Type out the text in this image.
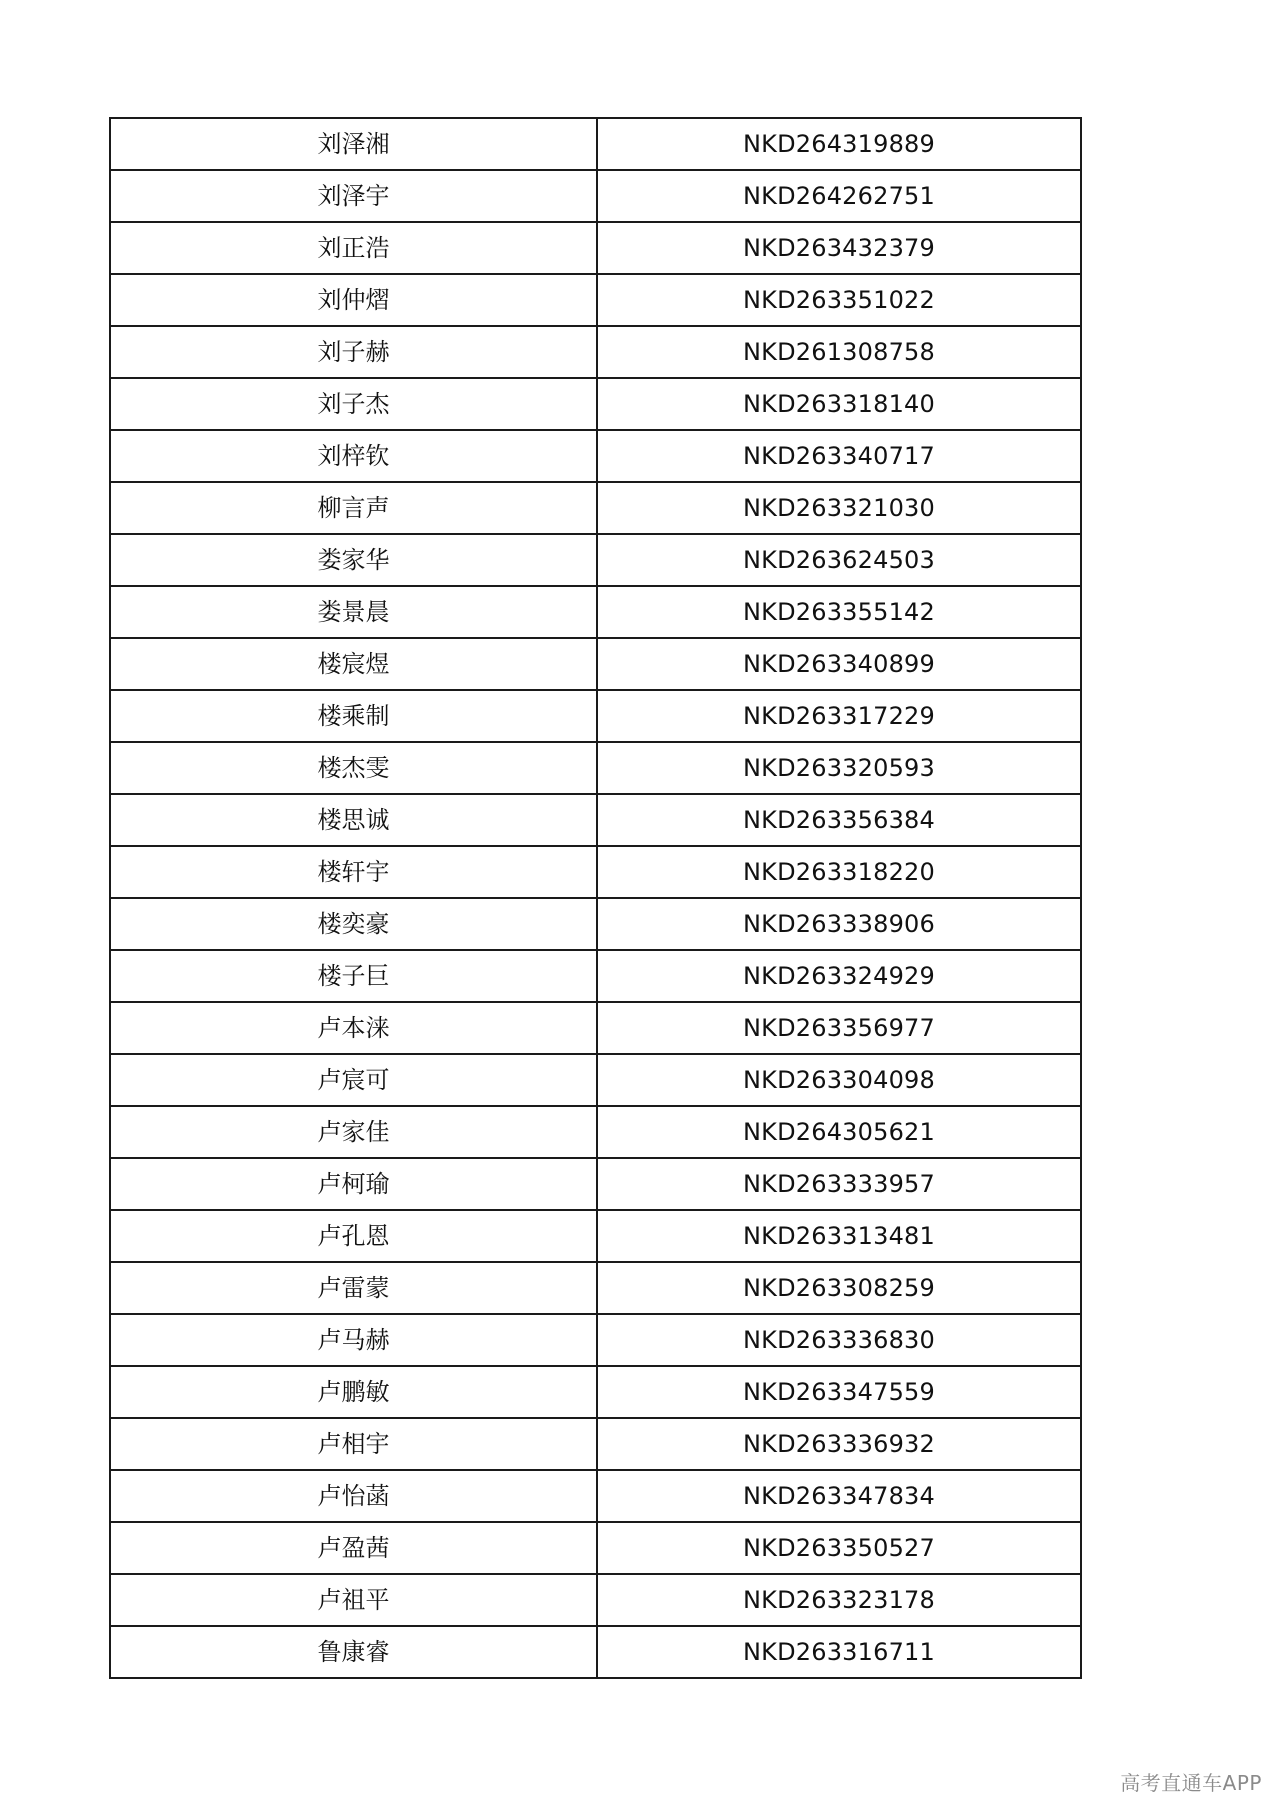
刘泽湘	NKD264319889
刘泽宇	NKD264262751
刘正浩	NKD263432379
刘仲熠	NKD263351022
刘子赫	NKD261308758
刘子杰	NKD263318140
刘梓钦	NKD263340717
柳言声	NKD263321030
娄家华	NKD263624503
娄景晨	NKD263355142
楼宸煜	NKD263340899
楼乘制	NKD263317229
楼杰雯	NKD263320593
楼思诚	NKD263356384
楼轩宇	NKD263318220
楼奕豪	NKD263338906
楼子巨	NKD263324929
卢本涞	NKD263356977
卢宸可	NKD263304098
卢家佳	NKD264305621
卢柯瑜	NKD263333957
卢孔恩	NKD263313481
卢雷蒙	NKD263308259
卢马赫	NKD263336830
卢鹏敏	NKD263347559
卢相宇	NKD263336932
卢怡菡	NKD263347834
卢盈茜	NKD263350527
卢祖平	NKD263323178
鲁康睿	NKD263316711
高考直通车APP
